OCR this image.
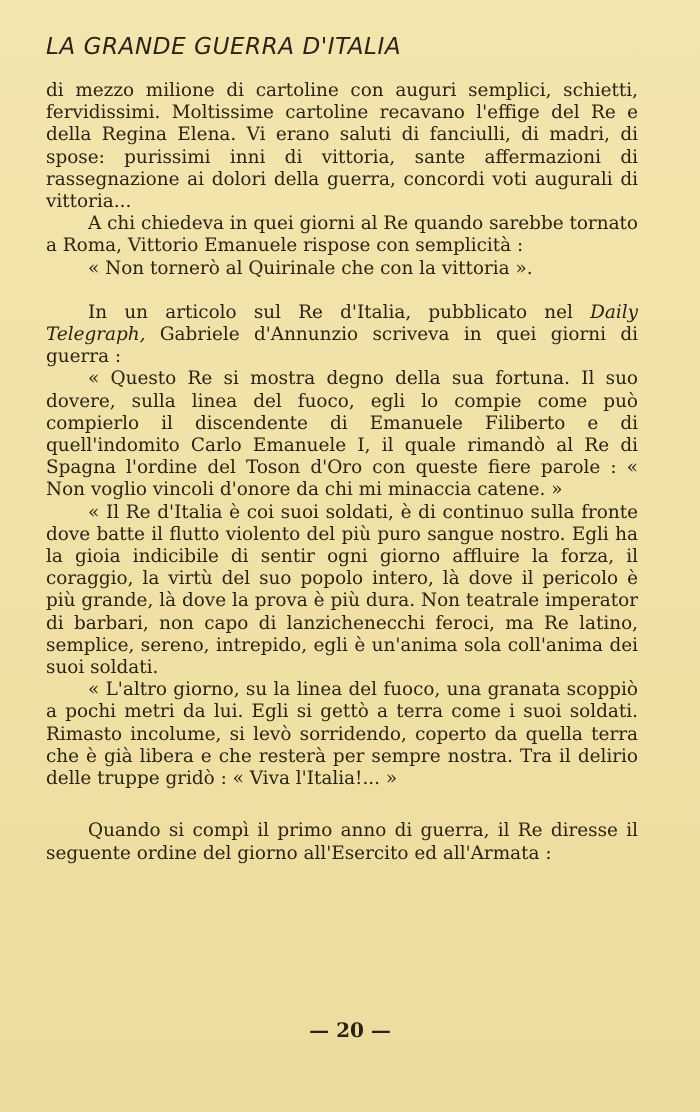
LA GRANDE GUERRA D'ITALIA

di mezzo milione di cartoline con auguri semplici, schietti, fervidissimi. Moltissime cartoline recavano l'effige del Re e della Regina Elena. Vi erano saluti di fanciulli, di madri, di spose: purissimi inni di vittoria, sante affermazioni di rassegnazione ai dolori della guerra, concordi voti augurali di vittoria...

A chi chiedeva in quei giorni al Re quando sarebbe tornato a Roma, Vittorio Emanuele rispose con semplicità :

« Non tornerò al Quirinale che con la vittoria ».

In un articolo sul Re d'Italia, pubblicato nel Daily Telegraph, Gabriele d'Annunzio scriveva in quei giorni di guerra :

« Questo Re si mostra degno della sua fortuna. Il suo dovere, sulla linea del fuoco, egli lo compie come può compierlo il discendente di Emanuele Filiberto e di quell'indomito Carlo Emanuele I, il quale rimandò al Re di Spagna l'ordine del Toson d'Oro con queste fiere parole : « Non voglio vincoli d'onore da chi mi minaccia catene. »

« Il Re d'Italia è coi suoi soldati, è di continuo sulla fronte dove batte il flutto violento del più puro sangue nostro. Egli ha la gioia indicibile di sentir ogni giorno affluire la forza, il coraggio, la virtù del suo popolo intero, là dove il pericolo è più grande, là dove la prova è più dura. Non teatrale imperator di barbari, non capo di lanzichenecchi feroci, ma Re latino, semplice, sereno, intrepido, egli è un'anima sola coll'anima dei suoi soldati.

« L'altro giorno, su la linea del fuoco, una granata scoppiò a pochi metri da lui. Egli si gettò a terra come i suoi soldati. Rimasto incolume, si levò sorridendo, coperto da quella terra che è già libera e che resterà per sempre nostra. Tra il delirio delle truppe gridò : « Viva l'Italia!... »

Quando si compì il primo anno di guerra, il Re diresse il seguente ordine del giorno all'Esercito ed all'Armata :

— 20 —
